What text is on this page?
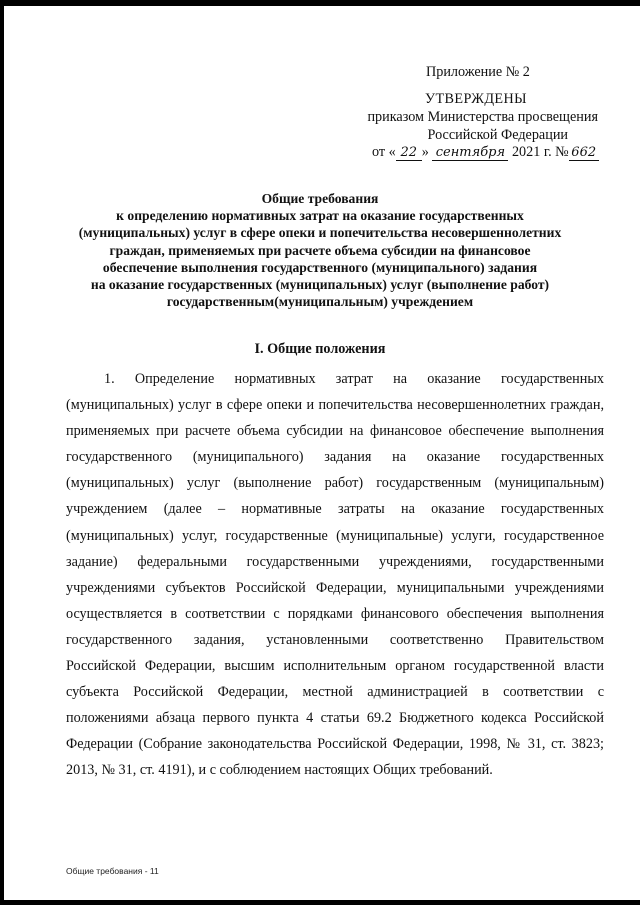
Приложение № 2
УТВЕРЖДЕНЫ
приказом Министерства просвещения
Российской Федерации
от « 22 » сентября 2021 г. № 662
Общие требования
к определению нормативных затрат на оказание государственных
(муниципальных) услуг в сфере опеки и попечительства несовершеннолетних
граждан, применяемых при расчете объема субсидии на финансовое
обеспечение выполнения государственного (муниципального) задания
на оказание государственных (муниципальных) услуг (выполнение работ)
государственным(муниципальным) учреждением
I. Общие положения

1. Определение нормативных затрат на оказание государственных (муниципальных) услуг в сфере опеки и попечительства несовершеннолетних граждан, применяемых при расчете объема субсидии на финансовое обеспечение выполнения государственного (муниципального) задания на оказание государственных (муниципальных) услуг (выполнение работ) государственным (муниципальным) учреждением (далее – нормативные затраты на оказание государственных (муниципальных) услуг, государственные (муниципальные) услуги, государственное задание) федеральными государственными учреждениями, государственными учреждениями субъектов Российской Федерации, муниципальными учреждениями осуществляется в соответствии с порядками финансового обеспечения выполнения государственного задания, установленными соответственно Правительством Российской Федерации, высшим исполнительным органом государственной власти субъекта Российской Федерации, местной администрацией в соответствии с положениями абзаца первого пункта 4 статьи 69.2 Бюджетного кодекса Российской Федерации (Собрание законодательства Российской Федерации, 1998, № 31, ст. 3823; 2013, № 31, ст. 4191), и с соблюдением настоящих Общих требований.

Общие требования - 11
